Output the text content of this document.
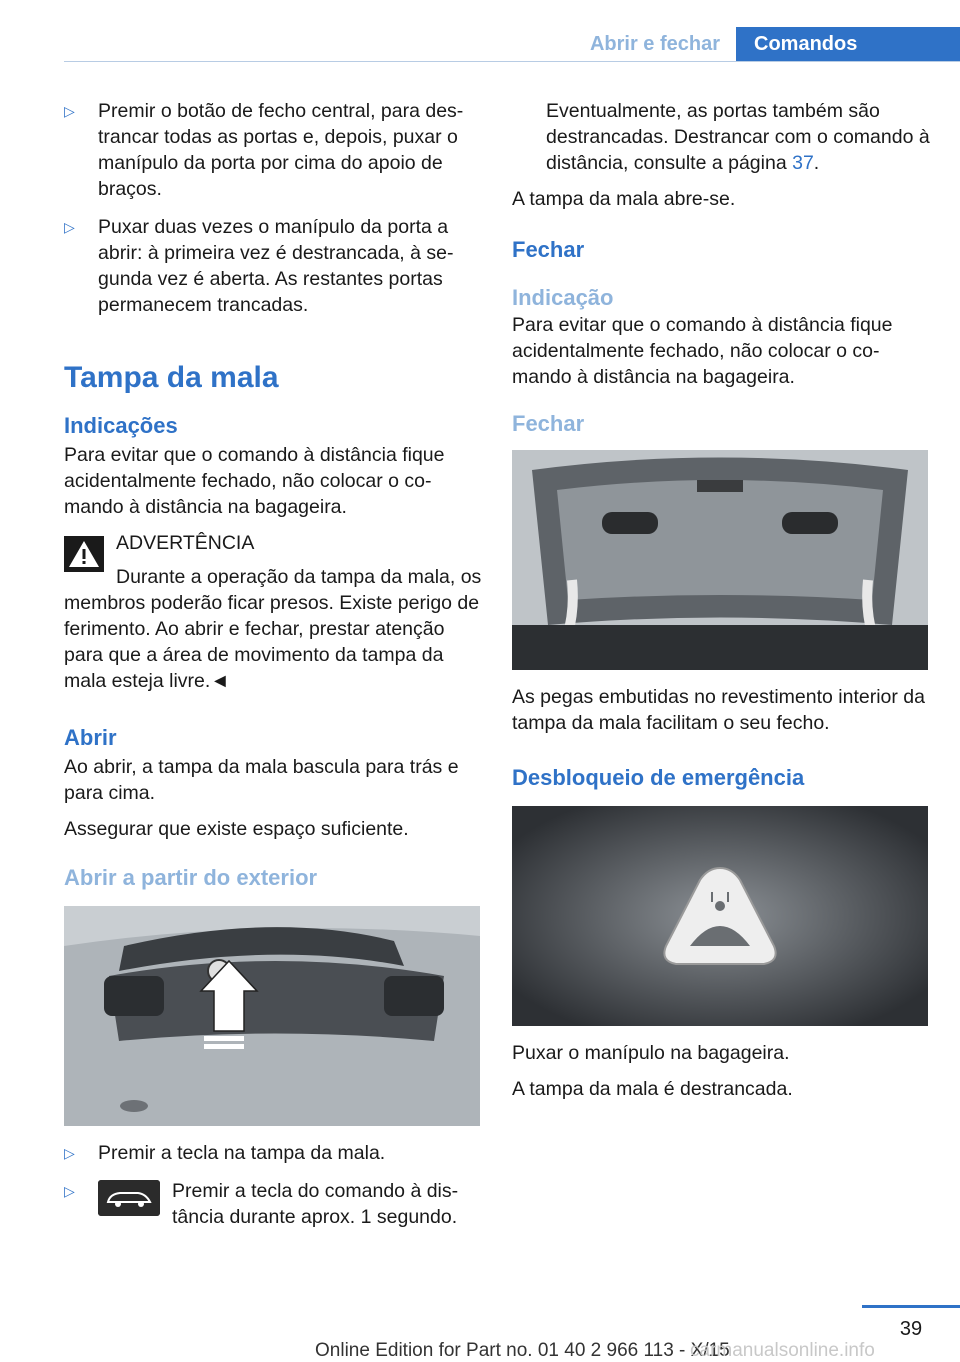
Abrir e fechar	Comandos
▷	Premir o botão de fecho central, para destrancar todas as portas e, depois, puxar o manípulo da porta por cima do apoio de braços.
▷	Puxar duas vezes o manípulo da porta a abrir: à primeira vez é destrancada, à segunda vez é aberta. As restantes portas permanecem trancadas.
Tampa da mala
Indicações

Para evitar que o comando à distância fique acidentalmente fechado, não colocar o comando à distância na bagageira.

ADVERTÊNCIA
Durante a operação da tampa da mala, os membros poderão ficar presos. Existe perigo de ferimento. Ao abrir e fechar, prestar atenção para que a área de movimento da tampa da mala esteja livre.◄
Abrir

Ao abrir, a tampa da mala bascula para trás e para cima.

Assegurar que existe espaço suficiente.

Abrir a partir do exterior
▷	Premir a tecla na tampa da mala.
▷	Premir a tecla do comando à distância durante aprox. 1 segundo.
Eventualmente, as portas também são destrancadas. Destrancar com o comando à distância, consulte a página 37.

A tampa da mala abre-se.

Fechar
Indicação

Para evitar que o comando à distância fique acidentalmente fechado, não colocar o comando à distância na bagageira.

Fechar

As pegas embutidas no revestimento interior da tampa da mala facilitam o seu fecho.

Desbloqueio de emergência

Puxar o manípulo na bagageira.

A tampa da mala é destrancada.

39
Online Edition for Part no. 01 40 2 966 113 - X/15
carmanualsonline.info
